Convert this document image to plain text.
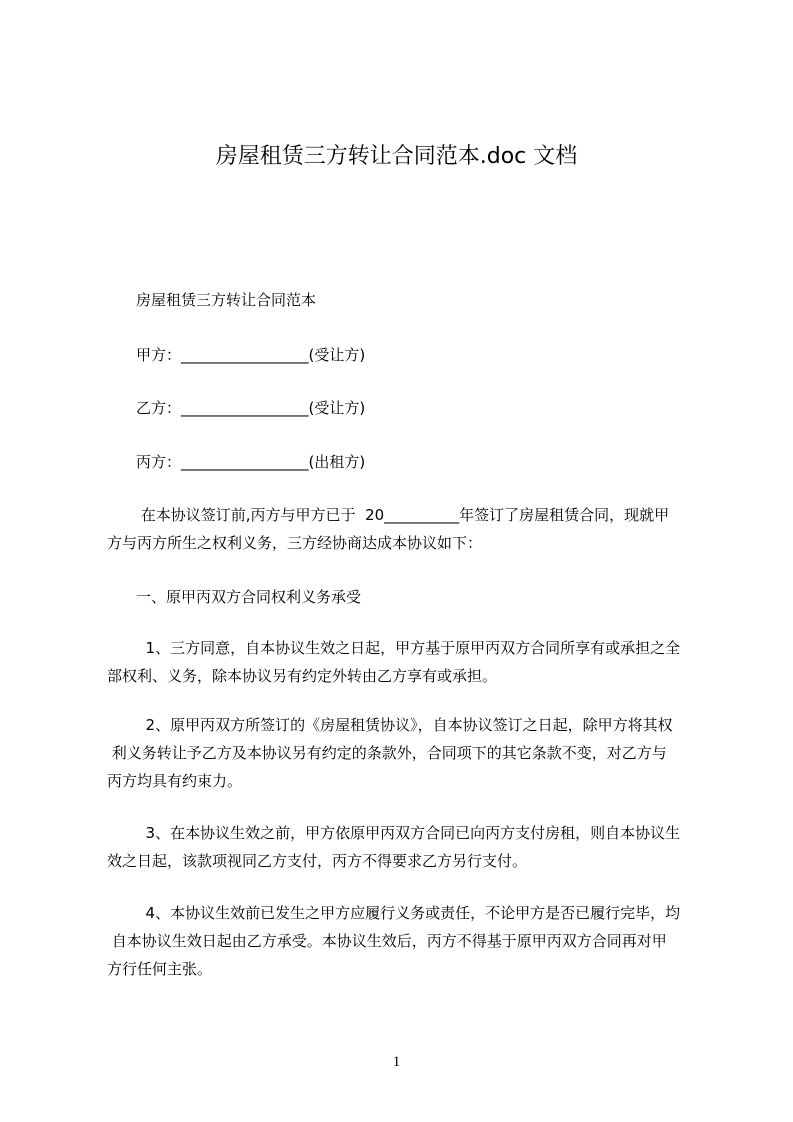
房屋租赁三方转让合同范本.doc 文档
房屋租赁三方转让合同范本
甲方：_________________(受让方)
乙方：_________________(受让方)
丙方：_________________(出租方)
在本协议签订前,丙方与甲方已于  20__________年签订了房屋租赁合同，现就甲
方与丙方所生之权利义务，三方经协商达成本协议如下：
一、原甲丙双方合同权利义务承受
1、三方同意，自本协议生效之日起，甲方基于原甲丙双方合同所享有或承担之全
部权利、义务，除本协议另有约定外转由乙方享有或承担。
2、原甲丙双方所签订的《房屋租赁协议》，自本协议签订之日起，除甲方将其权
利义务转让予乙方及本协议另有约定的条款外，合同项下的其它条款不变，对乙方与
丙方均具有约束力。
3、在本协议生效之前，甲方依原甲丙双方合同已向丙方支付房租，则自本协议生
效之日起，该款项视同乙方支付，丙方不得要求乙方另行支付。
4、本协议生效前已发生之甲方应履行义务或责任，不论甲方是否已履行完毕，均
自本协议生效日起由乙方承受。本协议生效后，丙方不得基于原甲丙双方合同再对甲
方行任何主张。
1
